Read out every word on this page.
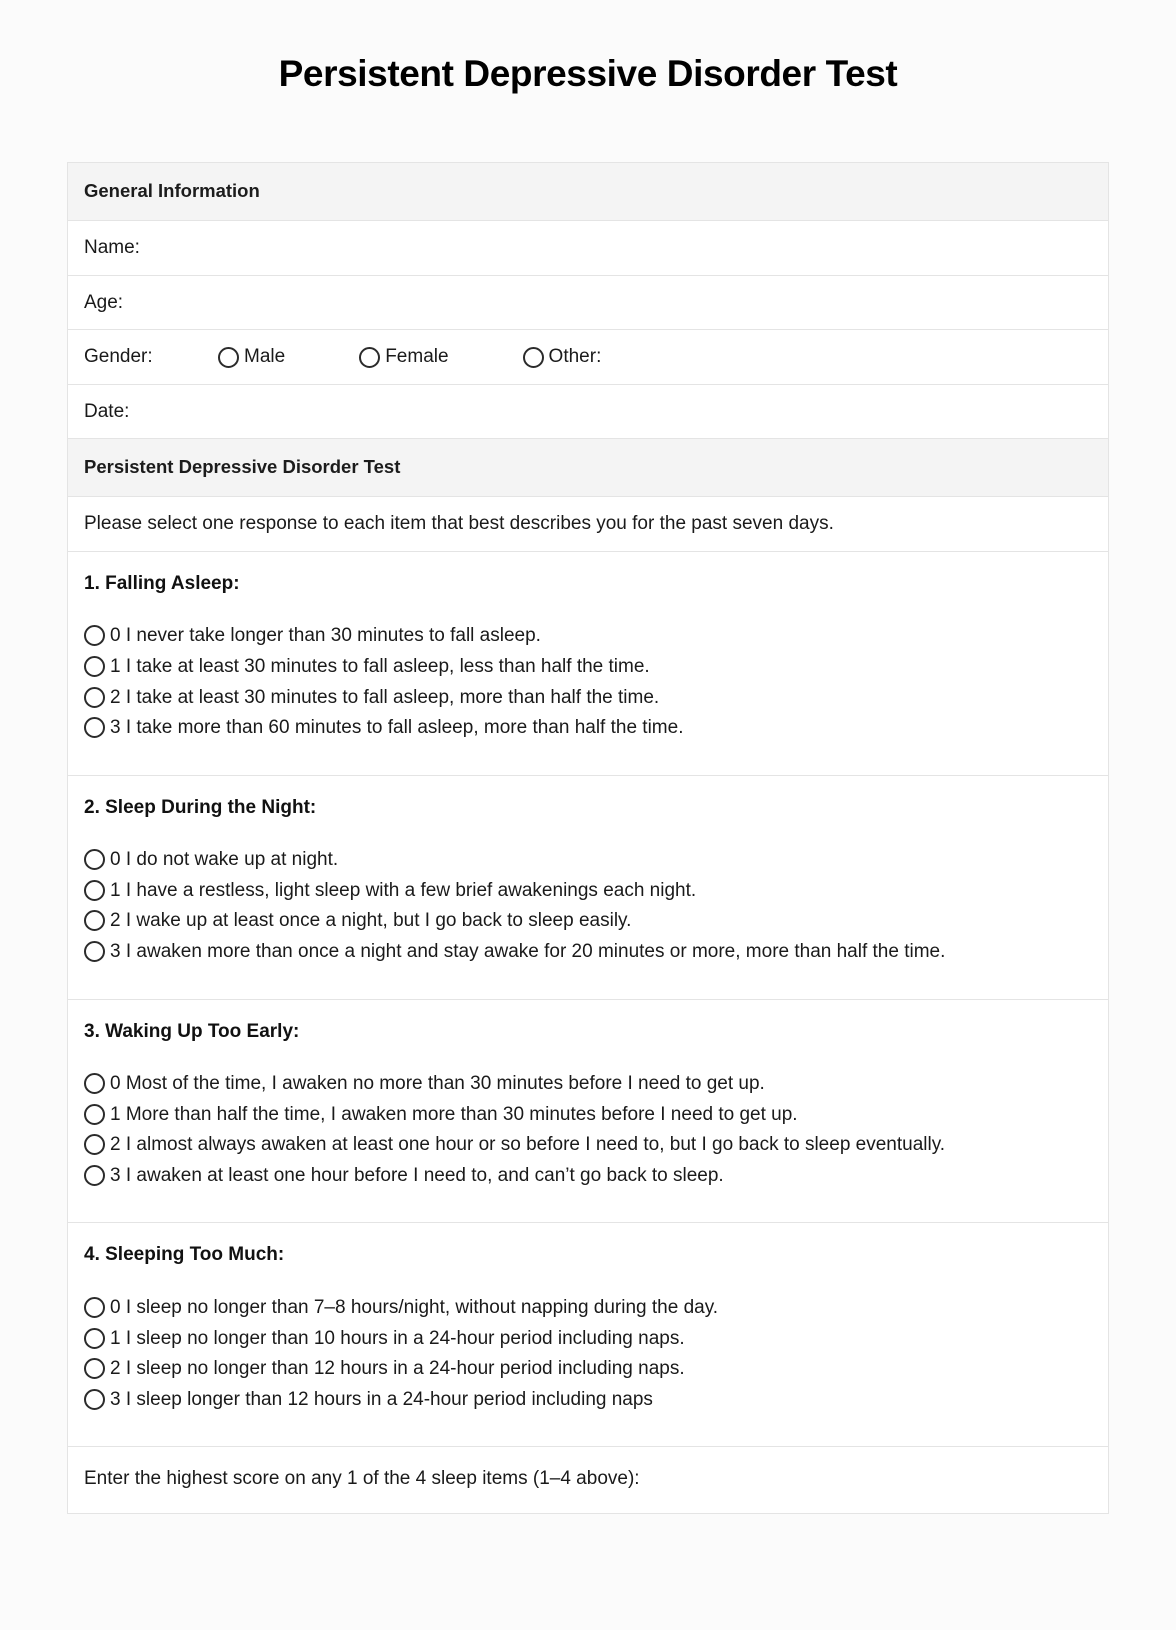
Persistent Depressive Disorder Test
General Information
Name:
Age:
Gender:	Male	Female	Other:
Date:
Persistent Depressive Disorder Test
Please select one response to each item that best describes you for the past seven days.
1. Falling Asleep:
0 I never take longer than 30 minutes to fall asleep.
1 I take at least 30 minutes to fall asleep, less than half the time.
2 I take at least 30 minutes to fall asleep, more than half the time.
3 I take more than 60 minutes to fall asleep, more than half the time.
2. Sleep During the Night:
0 I do not wake up at night.
1 I have a restless, light sleep with a few brief awakenings each night.
2 I wake up at least once a night, but I go back to sleep easily.
3 I awaken more than once a night and stay awake for 20 minutes or more, more than half the time.
3. Waking Up Too Early:
0 Most of the time, I awaken no more than 30 minutes before I need to get up.
1 More than half the time, I awaken more than 30 minutes before I need to get up.
2 I almost always awaken at least one hour or so before I need to, but I go back to sleep eventually.
3 I awaken at least one hour before I need to, and can’t go back to sleep.
4. Sleeping Too Much:
0 I sleep no longer than 7–8 hours/night, without napping during the day.
1 I sleep no longer than 10 hours in a 24-hour period including naps.
2 I sleep no longer than 12 hours in a 24-hour period including naps.
3 I sleep longer than 12 hours in a 24-hour period including naps
Enter the highest score on any 1 of the 4 sleep items (1–4 above):
